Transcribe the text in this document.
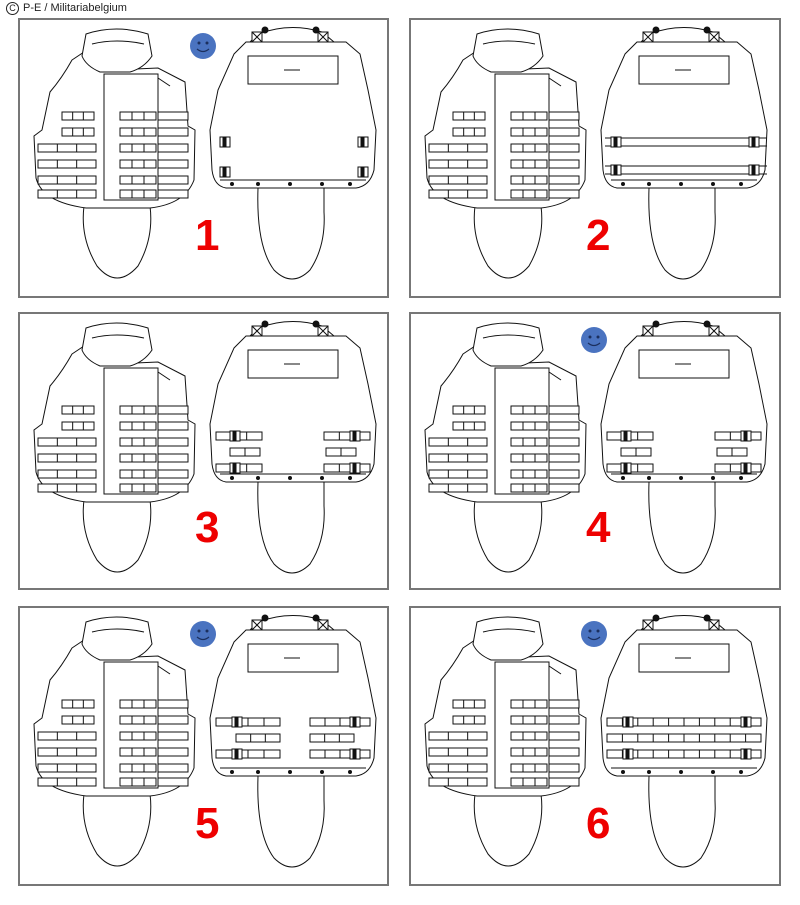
C P-E / Militariabelgium
1	2
3	4
5	6
